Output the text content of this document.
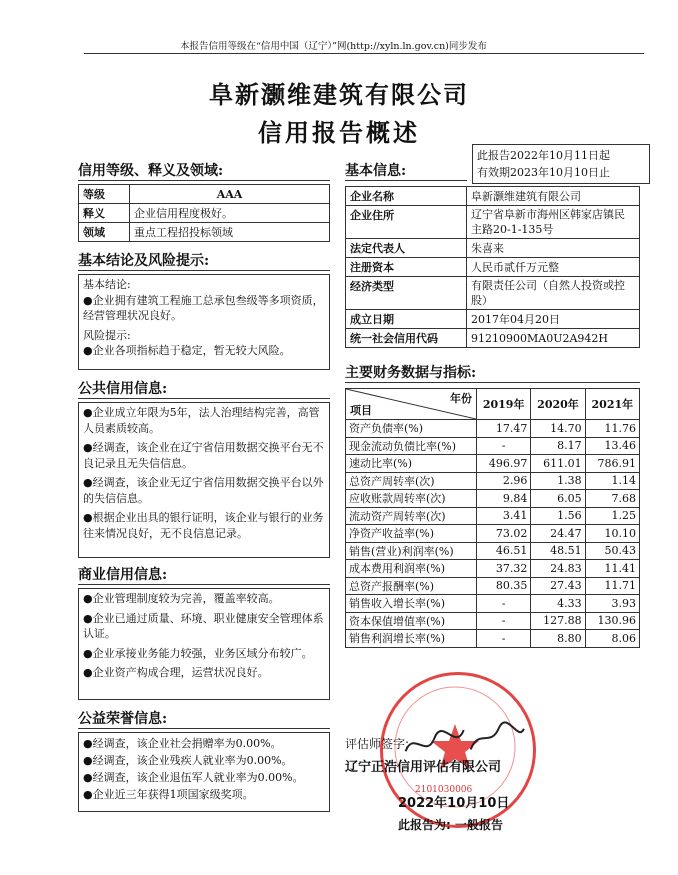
本报告信用等级在“信用中国（辽宁）”网(http://xyln.ln.gov.cn)同步发布
阜新灏维建筑有限公司
信用报告概述
此报告2022年10月11日起
有效期2023年10月10日止
信用等级、释义及领域:
等级	AAA
释义	企业信用程度极好。
领域	重点工程招投标领域
基本结论及风险提示:

基本结论:

●企业拥有建筑工程施工总承包叁级等多项资质，经营管理状况良好。

风险提示:

●企业各项指标趋于稳定，暂无较大风险。

公共信用信息:

●企业成立年限为5年，法人治理结构完善，高管人员素质较高。

●经调查，该企业在辽宁省信用数据交换平台无不良记录且无失信信息。

●经调查，该企业无辽宁省信用数据交换平台以外的失信信息。

●根据企业出具的银行证明，该企业与银行的业务往来情况良好，无不良信息记录。

商业信用信息:

●企业管理制度较为完善，覆盖率较高。

●企业已通过质量、环境、职业健康安全管理体系认证。

●企业承接业务能力较强，业务区域分布较广。

●企业资产构成合理，运营状况良好。

公益荣誉信息:
●经调查，该企业社会捐赠率为0.00%。
●经调查，该企业残疾人就业率为0.00%。
●经调查，该企业退伍军人就业率为0.00%。
●企业近三年获得1项国家级奖项。
基本信息:
企业名称	阜新灏维建筑有限公司
企业住所	辽宁省阜新市海州区韩家店镇民主路20-1-135号
法定代表人	朱喜来
注册资本	人民币贰仟万元整
经济类型	有限责任公司（自然人投资或控股）
成立日期	2017年04月20日
统一社会信用代码	91210900MA0U2A942H
主要财务数据与指标:
年份
项目	2019年	2020年	2021年
资产负债率(%)	17.47	14.70	11.76
现金流动负债比率(%)	-	8.17	13.46
速动比率(%)	496.97	611.01	786.91
总资产周转率(次)	2.96	1.38	1.14
应收账款周转率(次)	9.84	6.05	7.68
流动资产周转率(次)	3.41	1.56	1.25
净资产收益率(%)	73.02	24.47	10.10
销售(营业)利润率(%)	46.51	48.51	50.43
成本费用利润率(%)	37.32	24.83	11.41
总资产报酬率(%)	80.35	27.43	11.71
销售收入增长率(%)	-	4.33	3.93
资本保值增值率(%)	-	127.88	130.96
销售利润增长率(%)	-	8.80	8.06
2101030006
评估师签字:
辽宁正浩信用评估有限公司
2022年10月10日
此报告为: 一般报告
